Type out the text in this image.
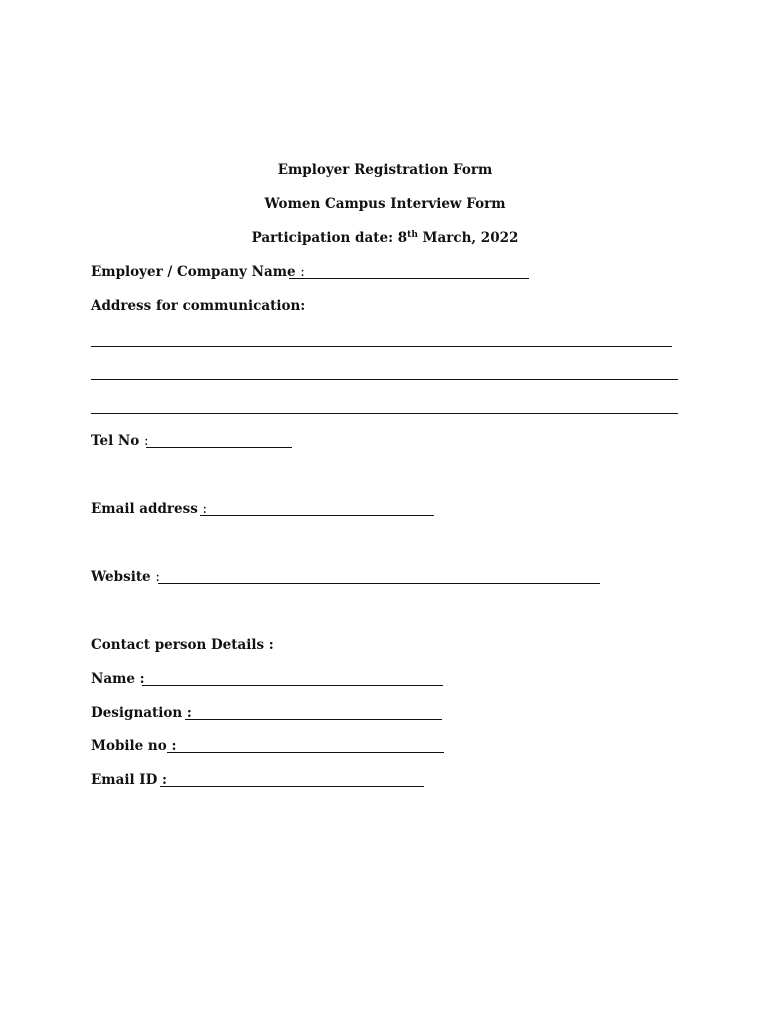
Employer Registration Form
Women Campus Interview Form
Participation date: 8th March, 2022
Employer / Company Name :
Address for communication:
Tel No :
Email address :
Website :
Contact person Details :
Name :
Designation :
Mobile no :
Email ID :
